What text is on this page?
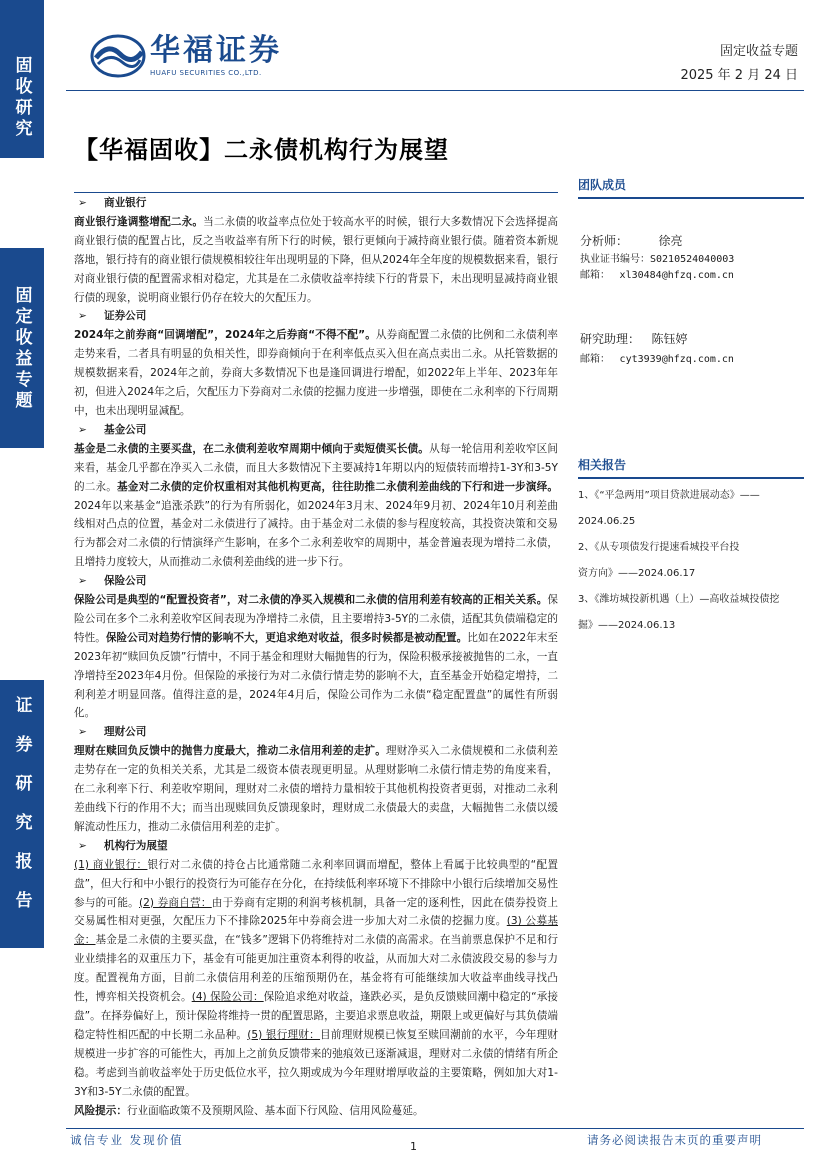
固收研究
固定收益专题
证券研究报告
华福证券
HUAFU SECURITIES CO.,LTD.
固定收益专题
2025 年 2 月 24 日
【华福固收】二永债机构行为展望

➢ 商业银行

商业银行逢调整增配二永。当二永债的收益率点位处于较高水平的时候，银行大多数情况下会选择提高商业银行债的配置占比，反之当收益率有所下行的时候，银行更倾向于减持商业银行债。随着资本新规落地，银行持有的商业银行债规模相较往年出现明显的下降，但从2024年全年度的规模数据来看，银行对商业银行债的配置需求相对稳定，尤其是在二永债收益率持续下行的背景下，未出现明显减持商业银行债的现象，说明商业银行仍存在较大的欠配压力。

➢ 证券公司

2024年之前券商“回调增配”，2024年之后券商“不得不配”。从券商配置二永债的比例和二永债利率走势来看，二者具有明显的负相关性，即券商倾向于在利率低点买入但在高点卖出二永。从托管数据的规模数据来看，2024年之前，券商大多数情况下也是逢回调进行增配，如2022年上半年、2023年年初，但进入2024年之后，欠配压力下券商对二永债的挖掘力度进一步增强，即使在二永利率的下行周期中，也未出现明显减配。

➢ 基金公司

基金是二永债的主要买盘，在二永债利差收窄周期中倾向于卖短债买长债。从每一轮信用利差收窄区间来看，基金几乎都在净买入二永债，而且大多数情况下主要减持1年期以内的短债转而增持1-3Y和3-5Y的二永。基金对二永债的定价权重相对其他机构更高，往往助推二永债利差曲线的下行和进一步演绎。2024年以来基金“追涨杀跌”的行为有所弱化，如2024年3月末、2024年9月初、2024年10月利差曲线相对凸点的位置，基金对二永债进行了减持。由于基金对二永债的参与程度较高，其投资决策和交易行为都会对二永债的行情演绎产生影响，在多个二永利差收窄的周期中，基金普遍表现为增持二永债，且增持力度较大，从而推动二永债利差曲线的进一步下行。

➢ 保险公司

保险公司是典型的“配置投资者”，对二永债的净买入规模和二永债的信用利差有较高的正相关关系。保险公司在多个二永利差收窄区间表现为净增持二永债，且主要增持3-5Y的二永债，适配其负债端稳定的特性。保险公司对趋势行情的影响不大，更追求绝对收益，很多时候都是被动配置。比如在2022年末至2023年初“赎回负反馈”行情中，不同于基金和理财大幅抛售的行为，保险积极承接被抛售的二永，一直净增持至2023年4月份。但保险的承接行为对二永债行情走势的影响不大，直至基金开始稳定增持，二利利差才明显回落。值得注意的是，2024年4月后，保险公司作为二永债“稳定配置盘”的属性有所弱化。

➢ 理财公司

理财在赎回负反馈中的抛售力度最大，推动二永信用利差的走扩。理财净买入二永债规模和二永债利差走势存在一定的负相关关系，尤其是二级资本债表现更明显。从理财影响二永债行情走势的角度来看，在二永利率下行、利差收窄期间，理财对二永债的增持力量相较于其他机构投资者更弱，对推动二永利差曲线下行的作用不大；而当出现赎回负反馈现象时，理财成二永债最大的卖盘，大幅抛售二永债以缓解流动性压力，推动二永债信用利差的走扩。

➢ 机构行为展望

(1) 商业银行：银行对二永债的持仓占比通常随二永利率回调而增配，整体上看属于比较典型的“配置盘”，但大行和中小银行的投资行为可能存在分化，在持续低利率环境下不排除中小银行后续增加交易性参与的可能。(2) 券商自营：由于券商有定期的利润考核机制，具备一定的逐利性，因此在债券投资上交易属性相对更强，欠配压力下不排除2025年中券商会进一步加大对二永债的挖掘力度。(3) 公募基金：基金是二永债的主要买盘，在“钱多”逻辑下仍将维持对二永债的高需求。在当前票息保护不足和行业业绩排名的双重压力下，基金有可能更加注重资本利得的收益，从而加大对二永债波段交易的参与力度。配置视角方面，目前二永债信用利差的压缩预期仍在，基金将有可能继续加大收益率曲线寻找凸性，博弈相关投资机会。(4) 保险公司：保险追求绝对收益，逢跌必买，是负反馈赎回潮中稳定的“承接盘”。在择券偏好上，预计保险将维持一贯的配置思路，主要追求票息收益，期限上或更偏好与其负债端稳定特性相匹配的中长期二永品种。(5) 银行理财：目前理财规模已恢复至赎回潮前的水平，今年理财规模进一步扩容的可能性大，再加上之前负反馈带来的弛痕效已逐渐减退，理财对二永债的情绪有所企稳。考虑到当前收益率处于历史低位水平，拉久期或成为今年理财增厚收益的主要策略，例如加大对1-3Y和3-5Y二永债的配置。

风险提示：行业面临政策不及预期风险、基本面下行风险、信用风险蔓延。

团队成员
分析师：	徐亮
执业证书编号：S0210524040003
邮箱： xl30484@hfzq.com.cn
研究助理： 陈钰婷
邮箱： cyt3939@hfzq.com.cn
相关报告
1、《“平急两用”项目贷款进展动态》——
2024.06.25
2、《从专项债发行提速看城投平台投
资方向》——2024.06.17
3、《潍坊城投新机遇（上）—高收益城投债挖
掘》——2024.06.13
诚信专业 发现价值	1	请务必阅读报告末页的重要声明
